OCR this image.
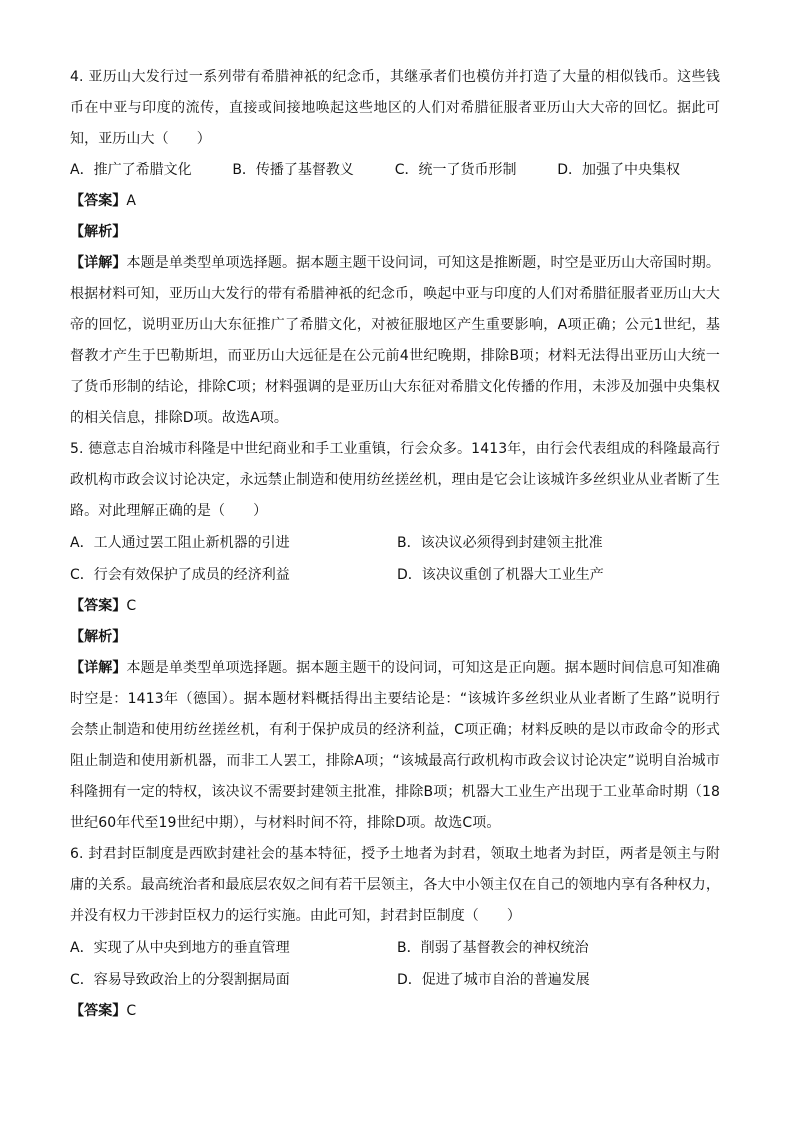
4. 亚历山大发行过一系列带有希腊神祇的纪念币，其继承者们也模仿并打造了大量的相似钱币。这些钱币在中亚与印度的流传，直接或间接地唤起这些地区的人们对希腊征服者亚历山大大帝的回忆。据此可知，亚历山大（ ）

A．推广了希腊文化	B．传播了基督教义	C．统一了货币形制	D．加强了中央集权

【答案】A

【解析】

【详解】本题是单类型单项选择题。据本题主题干设问词，可知这是推断题，时空是亚历山大帝国时期。根据材料可知，亚历山大发行的带有希腊神祇的纪念币，唤起中亚与印度的人们对希腊征服者亚历山大大帝的回忆，说明亚历山大东征推广了希腊文化，对被征服地区产生重要影响，A项正确；公元1世纪，基督教才产生于巴勒斯坦，而亚历山大远征是在公元前4世纪晚期，排除B项；材料无法得出亚历山大统一了货币形制的结论，排除C项；材料强调的是亚历山大东征对希腊文化传播的作用，未涉及加强中央集权的相关信息，排除D项。故选A项。

5. 德意志自治城市科隆是中世纪商业和手工业重镇，行会众多。1413年，由行会代表组成的科隆最高行政机构市政会议讨论决定，永远禁止制造和使用纺丝搓丝机，理由是它会让该城许多丝织业从业者断了生路。对此理解正确的是（ ）

A．工人通过罢工阻止新机器的引进	B．该决议必须得到封建领主批准
C．行会有效保护了成员的经济利益	D．该决议重创了机器大工业生产

【答案】C

【解析】

【详解】本题是单类型单项选择题。据本题主题干的设问词，可知这是正向题。据本题时间信息可知准确时空是：1413年（德国）。据本题材料概括得出主要结论是：“该城许多丝织业从业者断了生路”说明行会禁止制造和使用纺丝搓丝机，有利于保护成员的经济利益，C项正确；材料反映的是以市政命令的形式阻止制造和使用新机器，而非工人罢工，排除A项；“该城最高行政机构市政会议讨论决定”说明自治城市科隆拥有一定的特权，该决议不需要封建领主批准，排除B项；机器大工业生产出现于工业革命时期（18世纪60年代至19世纪中期），与材料时间不符，排除D项。故选C项。

6. 封君封臣制度是西欧封建社会的基本特征，授予土地者为封君，领取土地者为封臣，两者是领主与附庸的关系。最高统治者和最底层农奴之间有若干层领主，各大中小领主仅在自己的领地内享有各种权力，并没有权力干涉封臣权力的运行实施。由此可知，封君封臣制度（ ）

A．实现了从中央到地方的垂直管理	B．削弱了基督教会的神权统治
C．容易导致政治上的分裂割据局面	D．促进了城市自治的普遍发展

【答案】C
